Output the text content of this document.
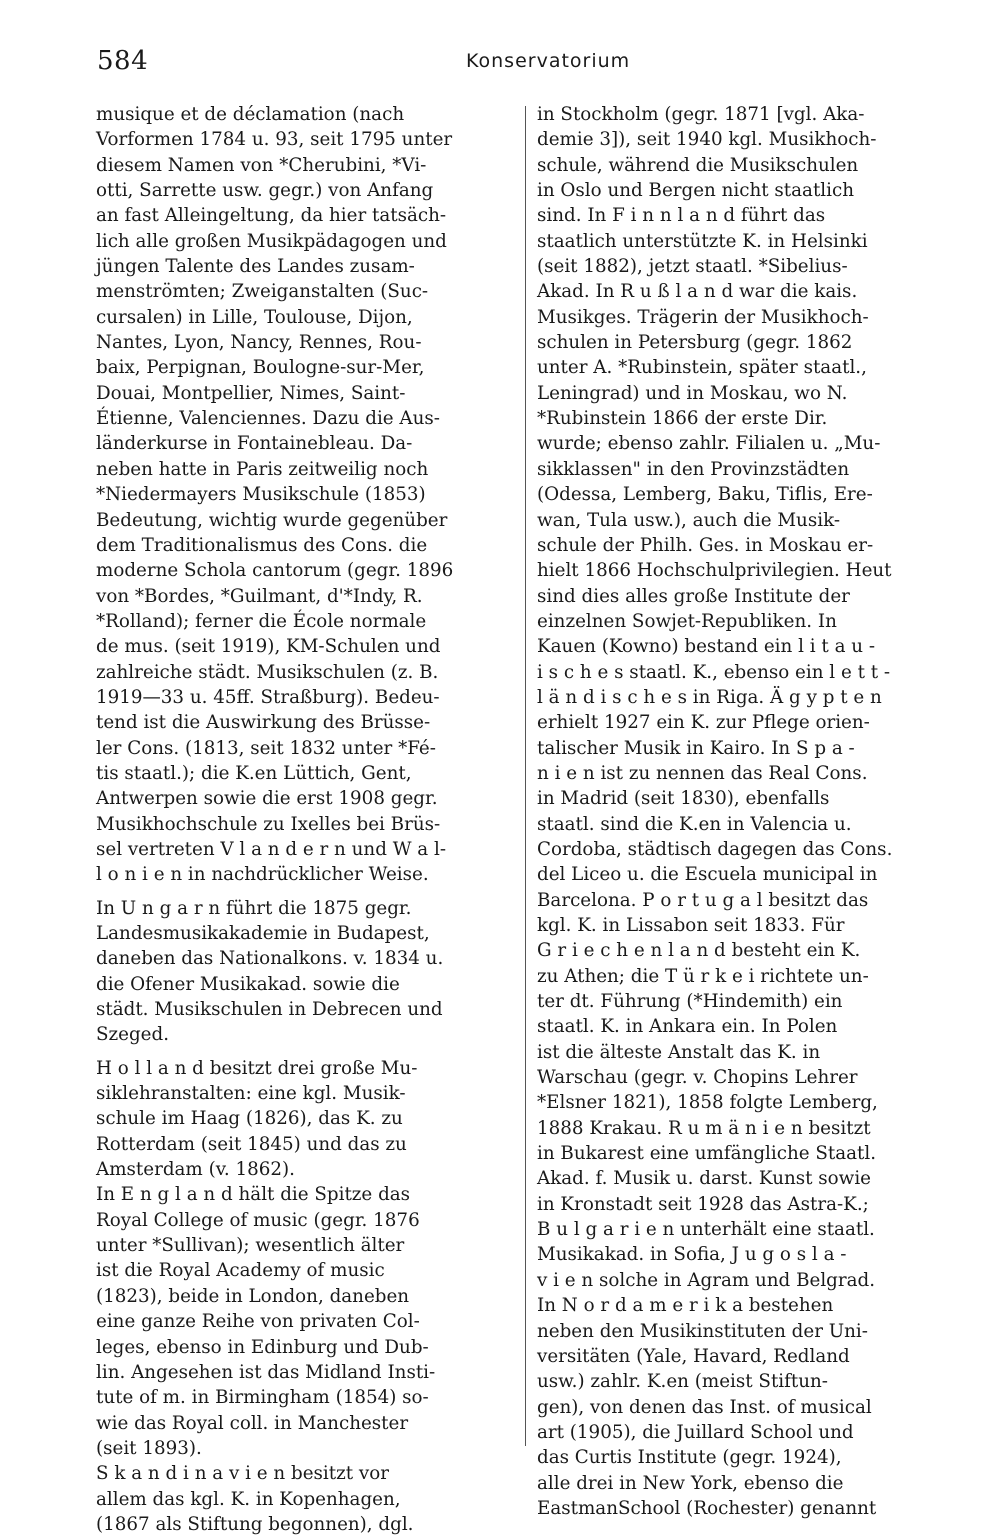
584	Konservatorium
musique et de déclamation (nach
Vorformen 1784 u. 93, seit 1795 unter
diesem Namen von *Cherubini, *Vi-
otti, Sarrette usw. gegr.) von Anfang
an fast Alleingeltung, da hier tatsäch-
lich alle großen Musikpädagogen und
jüngen Talente des Landes zusam-
menströmten; Zweiganstalten (Suc-
cursalen) in Lille, Toulouse, Dijon,
Nantes, Lyon, Nancy, Rennes, Rou-
baix, Perpignan, Boulogne-sur-Mer,
Douai, Montpellier, Nimes, Saint-
Étienne, Valenciennes. Dazu die Aus-
länderkurse in Fontainebleau. Da-
neben hatte in Paris zeitweilig noch
*Niedermayers Musikschule (1853)
Bedeutung, wichtig wurde gegenüber
dem Traditionalismus des Cons. die
moderne Schola cantorum (gegr. 1896
von *Bordes, *Guilmant, d'*Indy, R.
*Rolland); ferner die École normale
de mus. (seit 1919), KM-Schulen und
zahlreiche städt. Musikschulen (z. B.
1919—33 u. 45ff. Straßburg). Bedeu-
tend ist die Auswirkung des Brüsse-
ler Cons. (1813, seit 1832 unter *Fé-
tis staatl.); die K.en Lüttich, Gent,
Antwerpen sowie die erst 1908 gegr.
Musikhochschule zu Ixelles bei Brüs-
sel vertreten V l a n d e r n und W a l-
l o n i e n in nachdrücklicher Weise.
In U n g a r n führt die 1875 gegr.
Landesmusikakademie in Budapest,
daneben das Nationalkons. v. 1834 u.
die Ofener Musikakad. sowie die
städt. Musikschulen in Debrecen und
Szeged.
H o l l a n d besitzt drei große Mu-
siklehranstalten: eine kgl. Musik-
schule im Haag (1826), das K. zu
Rotterdam (seit 1845) und das zu
Amsterdam (v. 1862).
In E n g l a n d hält die Spitze das
Royal College of music (gegr. 1876
unter *Sullivan); wesentlich älter
ist die Royal Academy of music
(1823), beide in London, daneben
eine ganze Reihe von privaten Col-
leges, ebenso in Edinburg und Dub-
lin. Angesehen ist das Midland Insti-
tute of m. in Birmingham (1854) so-
wie das Royal coll. in Manchester
(seit 1893).
S k a n d i n a v i e n besitzt vor
allem das kgl. K. in Kopenhagen,
(1867 als Stiftung begonnen), dgl.
in Stockholm (gegr. 1871 [vgl. Aka-
demie 3]), seit 1940 kgl. Musikhoch-
schule, während die Musikschulen
in Oslo und Bergen nicht staatlich
sind. In F i n n l a n d führt das
staatlich unterstützte K. in Helsinki
(seit 1882), jetzt staatl. *Sibelius-
Akad. In R u ß l a n d war die kais.
Musikges. Trägerin der Musikhoch-
schulen in Petersburg (gegr. 1862
unter A. *Rubinstein, später staatl.,
Leningrad) und in Moskau, wo N.
*Rubinstein 1866 der erste Dir.
wurde; ebenso zahlr. Filialen u. „Mu-
sikklassen" in den Provinzstädten
(Odessa, Lemberg, Baku, Tiflis, Ere-
wan, Tula usw.), auch die Musik-
schule der Philh. Ges. in Moskau er-
hielt 1866 Hochschulprivilegien. Heut
sind dies alles große Institute der
einzelnen Sowjet-Republiken. In
Kauen (Kowno) bestand ein l i t a u -
i s c h e s staatl. K., ebenso ein l e t t -
l ä n d i s c h e s in Riga. Ä g y p t e n
erhielt 1927 ein K. zur Pflege orien-
talischer Musik in Kairo. In S p a -
n i e n ist zu nennen das Real Cons.
in Madrid (seit 1830), ebenfalls
staatl. sind die K.en in Valencia u.
Cordoba, städtisch dagegen das Cons.
del Liceo u. die Escuela municipal in
Barcelona. P o r t u g a l besitzt das
kgl. K. in Lissabon seit 1833. Für
G r i e c h e n l a n d besteht ein K.
zu Athen; die T ü r k e i richtete un-
ter dt. Führung (*Hindemith) ein
staatl. K. in Ankara ein. In Polen
ist die älteste Anstalt das K. in
Warschau (gegr. v. Chopins Lehrer
*Elsner 1821), 1858 folgte Lemberg,
1888 Krakau. R u m ä n i e n besitzt
in Bukarest eine umfängliche Staatl.
Akad. f. Musik u. darst. Kunst sowie
in Kronstadt seit 1928 das Astra-K.;
B u l g a r i e n unterhält eine staatl.
Musikakad. in Sofia, J u g o s l a -
v i e n solche in Agram und Belgrad.
In N o r d a m e r i k a bestehen
neben den Musikinstituten der Uni-
versitäten (Yale, Havard, Redland
usw.) zahlr. K.en (meist Stiftun-
gen), von denen das Inst. of musical
art (1905), die Juillard School und
das Curtis Institute (gegr. 1924),
alle drei in New York, ebenso die
EastmanSchool (Rochester) genannt
